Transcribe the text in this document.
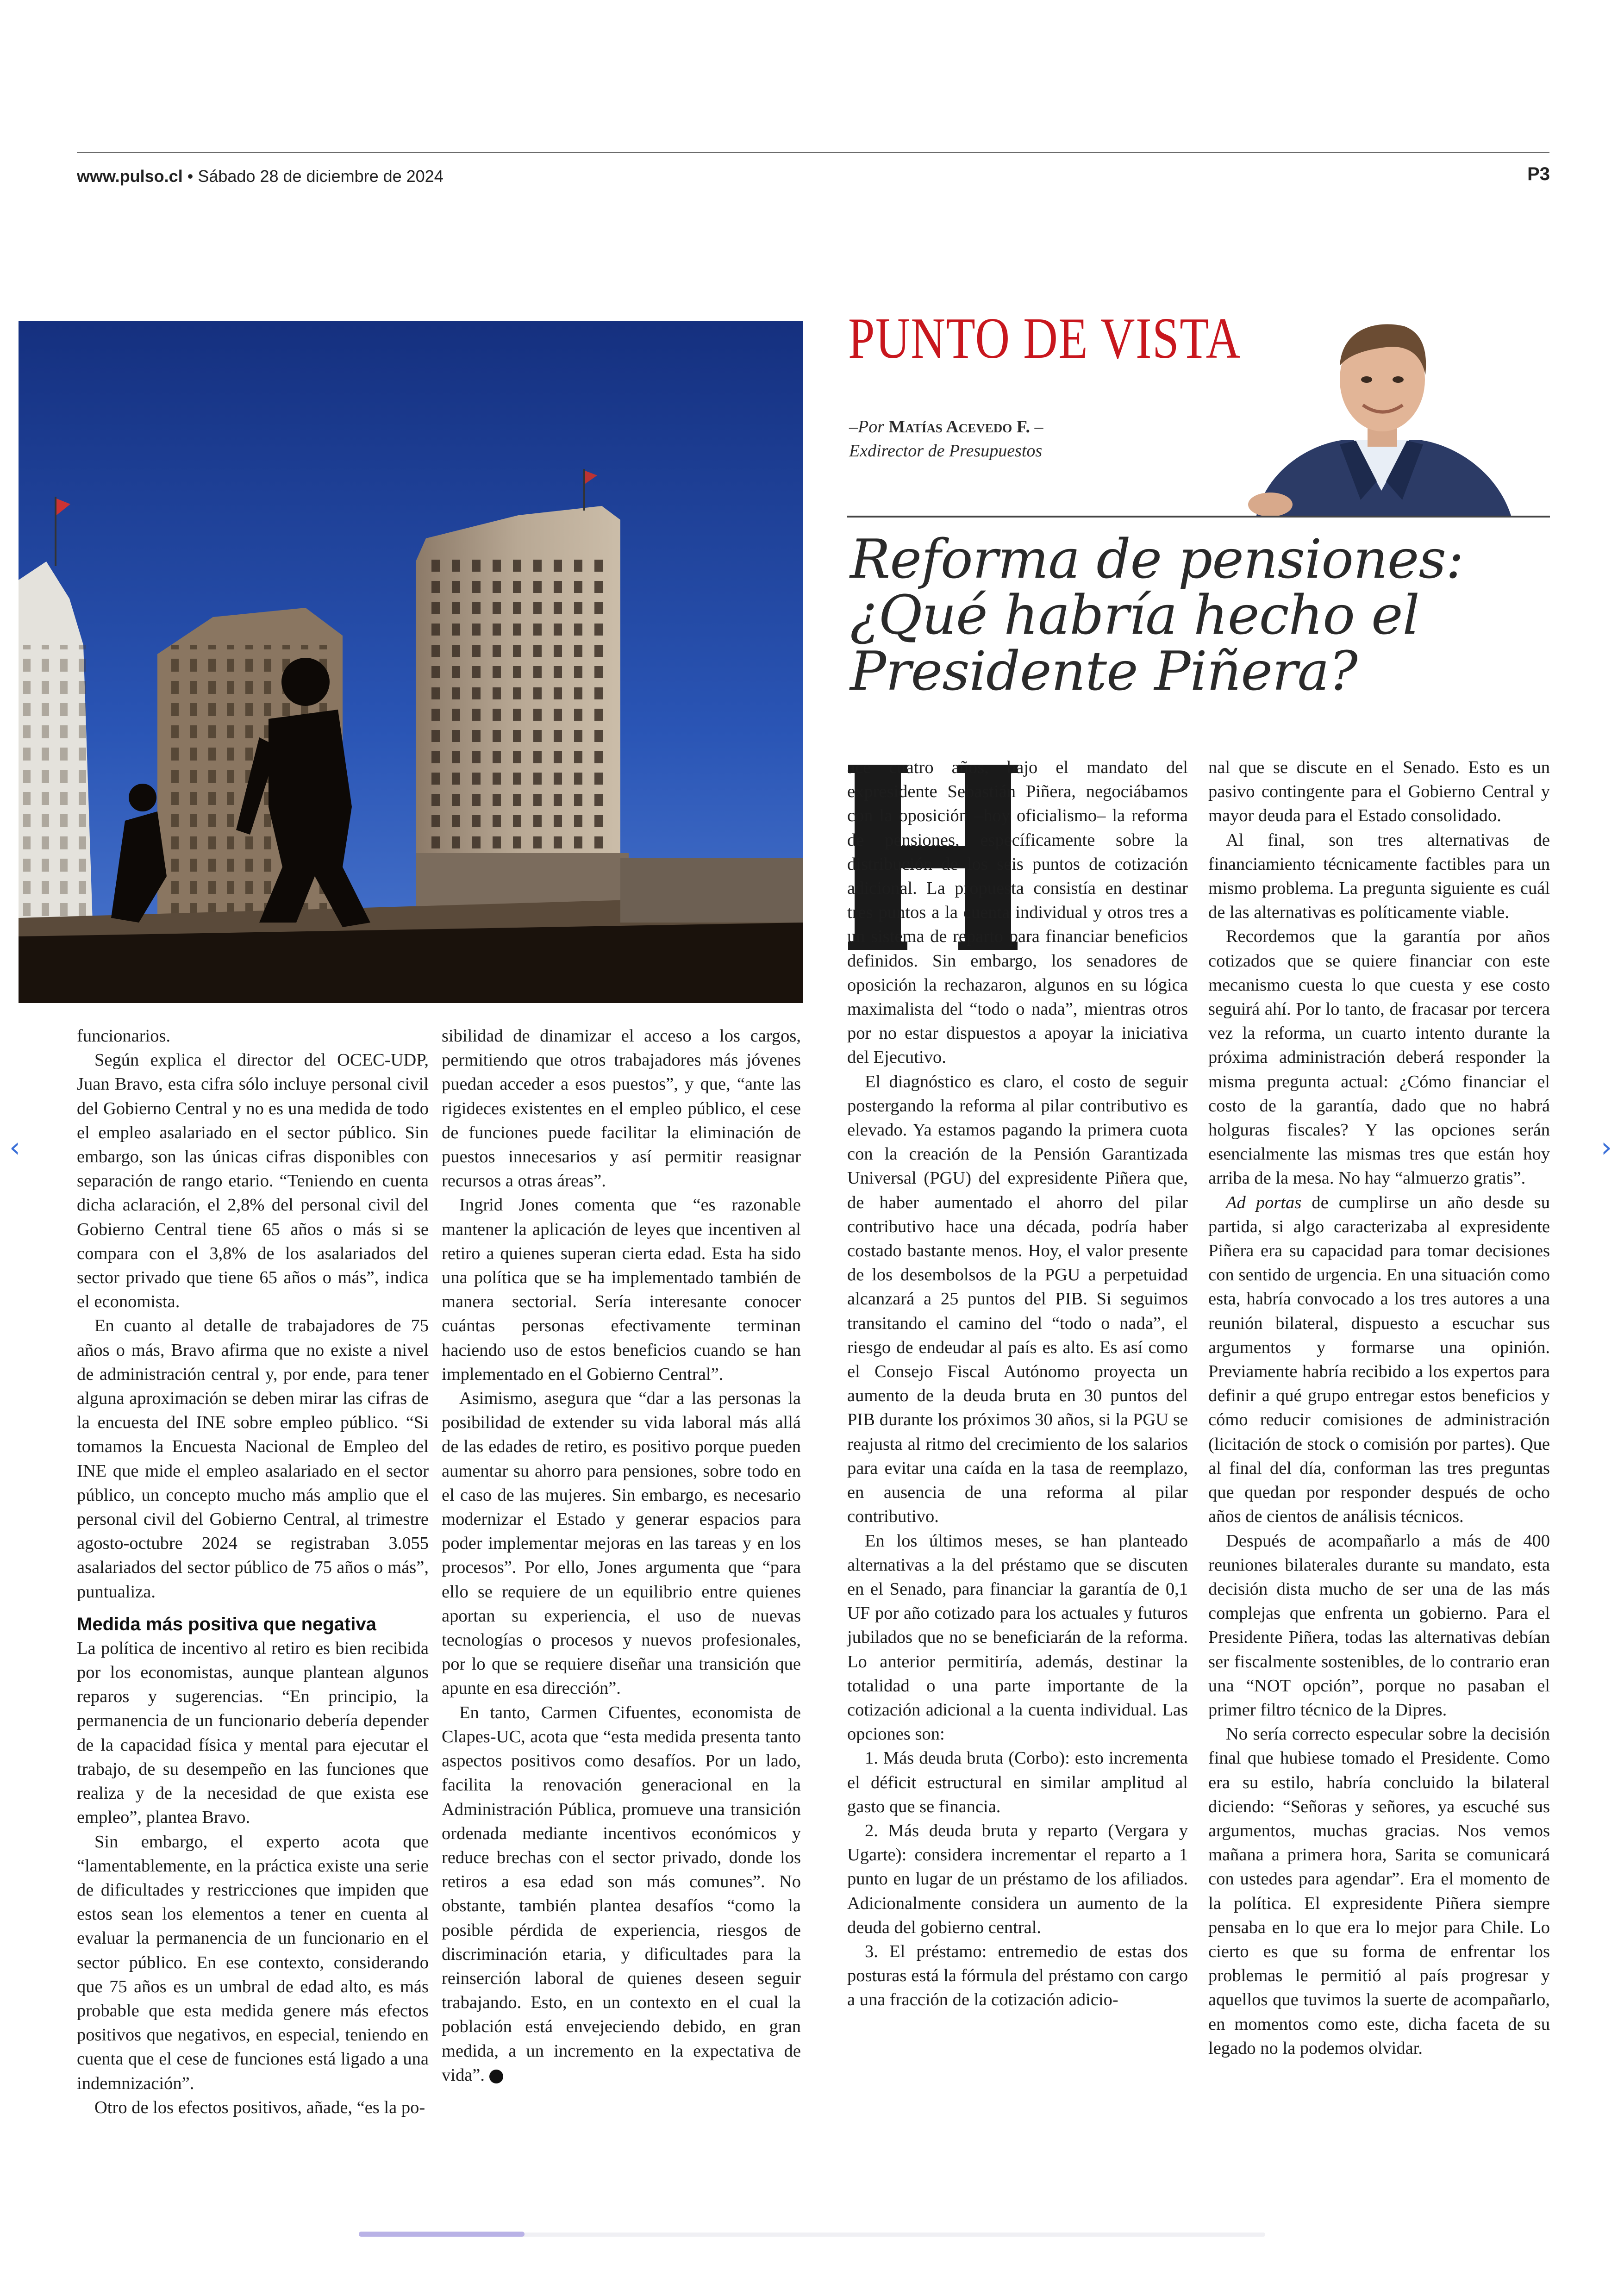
www.pulso.cl • Sábado 28 de diciembre de 2024	P3

funcionarios.

Según explica el director del OCEC-UDP, Juan Bravo, esta cifra sólo incluye personal civil del Gobierno Central y no es una medida de todo el empleo asalariado en el sector público. Sin embargo, son las únicas cifras disponibles con separación de rango etario. “Teniendo en cuenta dicha aclaración, el 2,8% del personal civil del Gobierno Central tiene 65 años o más si se compara con el 3,8% de los asalariados del sector privado que tiene 65 años o más”, indica el economista.

En cuanto al detalle de trabajadores de 75 años o más, Bravo afirma que no existe a nivel de administración central y, por ende, para tener alguna aproximación se deben mirar las cifras de la encuesta del INE sobre empleo público. “Si tomamos la Encuesta Nacional de Empleo del INE que mide el empleo asalariado en el sector público, un concepto mucho más amplio que el personal civil del Gobierno Central, al trimestre agosto-octubre 2024 se registraban 3.055 asalariados del sector público de 75 años o más”, puntualiza.

Medida más positiva que negativa

La política de incentivo al retiro es bien recibida por los economistas, aunque plantean algunos reparos y sugerencias. “En principio, la permanencia de un funcionario debería depender de la capacidad física y mental para ejecutar el trabajo, de su desempeño en las funciones que realiza y de la necesidad de que exista ese empleo”, plantea Bravo.

Sin embargo, el experto acota que “lamentablemente, en la práctica existe una serie de dificultades y restricciones que impiden que estos sean los elementos a tener en cuenta al evaluar la permanencia de un funcionario en el sector público. En ese contexto, considerando que 75 años es un umbral de edad alto, es más probable que esta medida genere más efectos positivos que negativos, en especial, teniendo en cuenta que el cese de funciones está ligado a una indemnización”.

Otro de los efectos positivos, añade, “es la po-

sibilidad de dinamizar el acceso a los cargos, permitiendo que otros trabajadores más jóvenes puedan acceder a esos puestos”, y que, “ante las rigideces existentes en el empleo público, el cese de funciones puede facilitar la eliminación de puestos innecesarios y así permitir reasignar recursos a otras áreas”.

Ingrid Jones comenta que “es razonable mantener la aplicación de leyes que incentiven al retiro a quienes superan cierta edad. Esta ha sido una política que se ha implementado también de manera sectorial. Sería interesante conocer cuántas personas efectivamente terminan haciendo uso de estos beneficios cuando se han implementado en el Gobierno Central”.

Asimismo, asegura que “dar a las personas la posibilidad de extender su vida laboral más allá de las edades de retiro, es positivo porque pueden aumentar su ahorro para pensiones, sobre todo en el caso de las mujeres. Sin embargo, es necesario modernizar el Estado y generar espacios para poder implementar mejoras en las tareas y en los procesos”. Por ello, Jones argumenta que “para ello se requiere de un equilibrio entre quienes aportan su experiencia, el uso de nuevas tecnologías o procesos y nuevos profesionales, por lo que se requiere diseñar una transición que apunte en esa dirección”.

En tanto, Carmen Cifuentes, economista de Clapes-UC, acota que “esta medida presenta tanto aspectos positivos como desafíos. Por un lado, facilita la renovación generacional en la Administración Pública, promueve una transición ordenada mediante incentivos económicos y reduce brechas con el sector privado, donde los retiros a esa edad son más comunes”. No obstante, también plantea desafíos “como la posible pérdida de experiencia, riesgos de discriminación etaria, y dificultades para la reinserción laboral de quienes deseen seguir trabajando. Esto, en un contexto en el cual la población está envejeciendo debido, en gran medida, a un incremento en la expectativa de vida”.

PUNTO DE VISTA
–Por Matías Acevedo F. –
Exdirector de Presupuestos
Reforma de pensiones: ¿Qué habría hecho el Presidente Piñera?

ace cuatro años, bajo el mandato del expresidente Sebastián Piñera, negociábamos con la oposición –hoy oficialismo– la reforma de pensiones, específicamente sobre la distribución de los seis puntos de cotización adicional. La propuesta consistía en destinar tres puntos a la cuenta individual y otros tres a un sistema de reparto para financiar beneficios definidos. Sin embargo, los senadores de oposición la rechazaron, algunos en su lógica maximalista del “todo o nada”, mientras otros por no estar dispuestos a apoyar la iniciativa del Ejecutivo.

El diagnóstico es claro, el costo de seguir postergando la reforma al pilar contributivo es elevado. Ya estamos pagando la primera cuota con la creación de la Pensión Garantizada Universal (PGU) del expresidente Piñera que, de haber aumentado el ahorro del pilar contributivo hace una década, podría haber costado bastante menos. Hoy, el valor presente de los desembolsos de la PGU a perpetuidad alcanzará a 25 puntos del PIB. Si seguimos transitando el camino del “todo o nada”, el riesgo de endeudar al país es alto. Es así como el Consejo Fiscal Autónomo proyecta un aumento de la deuda bruta en 30 puntos del PIB durante los próximos 30 años, si la PGU se reajusta al ritmo del crecimiento de los salarios para evitar una caída en la tasa de reemplazo, en ausencia de una reforma al pilar contributivo.

En los últimos meses, se han planteado alternativas a la del préstamo que se discuten en el Senado, para financiar la garantía de 0,1 UF por año cotizado para los actuales y futuros jubilados que no se beneficiarán de la reforma. Lo anterior permitiría, además, destinar la totalidad o una parte importante de la cotización adicional a la cuenta individual. Las opciones son:

1. Más deuda bruta (Corbo): esto incrementa el déficit estructural en similar amplitud al gasto que se financia.

2. Más deuda bruta y reparto (Vergara y Ugarte): considera incrementar el reparto a 1 punto en lugar de un préstamo de los afiliados. Adicionalmente considera un aumento de la deuda del gobierno central.

3. El préstamo: entremedio de estas dos posturas está la fórmula del préstamo con cargo a una fracción de la cotización adicio-

nal que se discute en el Senado. Esto es un pasivo contingente para el Gobierno Central y mayor deuda para el Estado consolidado.

Al final, son tres alternativas de financiamiento técnicamente factibles para un mismo problema. La pregunta siguiente es cuál de las alternativas es políticamente viable.

Recordemos que la garantía por años cotizados que se quiere financiar con este mecanismo cuesta lo que cuesta y ese costo seguirá ahí. Por lo tanto, de fracasar por tercera vez la reforma, un cuarto intento durante la próxima administración deberá responder la misma pregunta actual: ¿Cómo financiar el costo de la garantía, dado que no habrá holguras fiscales? Y las opciones serán esencialmente las mismas tres que están hoy arriba de la mesa. No hay “almuerzo gratis”.

Ad portas de cumplirse un año desde su partida, si algo caracterizaba al expresidente Piñera era su capacidad para tomar decisiones con sentido de urgencia. En una situación como esta, habría convocado a los tres autores a una reunión bilateral, dispuesto a escuchar sus argumentos y formarse una opinión. Previamente habría recibido a los expertos para definir a qué grupo entregar estos beneficios y cómo reducir comisiones de administración (licitación de stock o comisión por partes). Que al final del día, conforman las tres preguntas que quedan por responder después de ocho años de cientos de análisis técnicos.

Después de acompañarlo a más de 400 reuniones bilaterales durante su mandato, esta decisión dista mucho de ser una de las más complejas que enfrenta un gobierno. Para el Presidente Piñera, todas las alternativas debían ser fiscalmente sostenibles, de lo contrario eran una “NOT opción”, porque no pasaban el primer filtro técnico de la Dipres.

No sería correcto especular sobre la decisión final que hubiese tomado el Presidente. Como era su estilo, habría concluido la bilateral diciendo: “Señoras y señores, ya escuché sus argumentos, muchas gracias. Nos vemos mañana a primera hora, Sarita se comunicará con ustedes para agendar”. Era el momento de la política. El expresidente Piñera siempre pensaba en lo que era lo mejor para Chile. Lo cierto es que su forma de enfrentar los problemas le permitió al país progresar y aquellos que tuvimos la suerte de acompañarlo, en momentos como este, dicha faceta de su legado no la podemos olvidar.

‹	›
